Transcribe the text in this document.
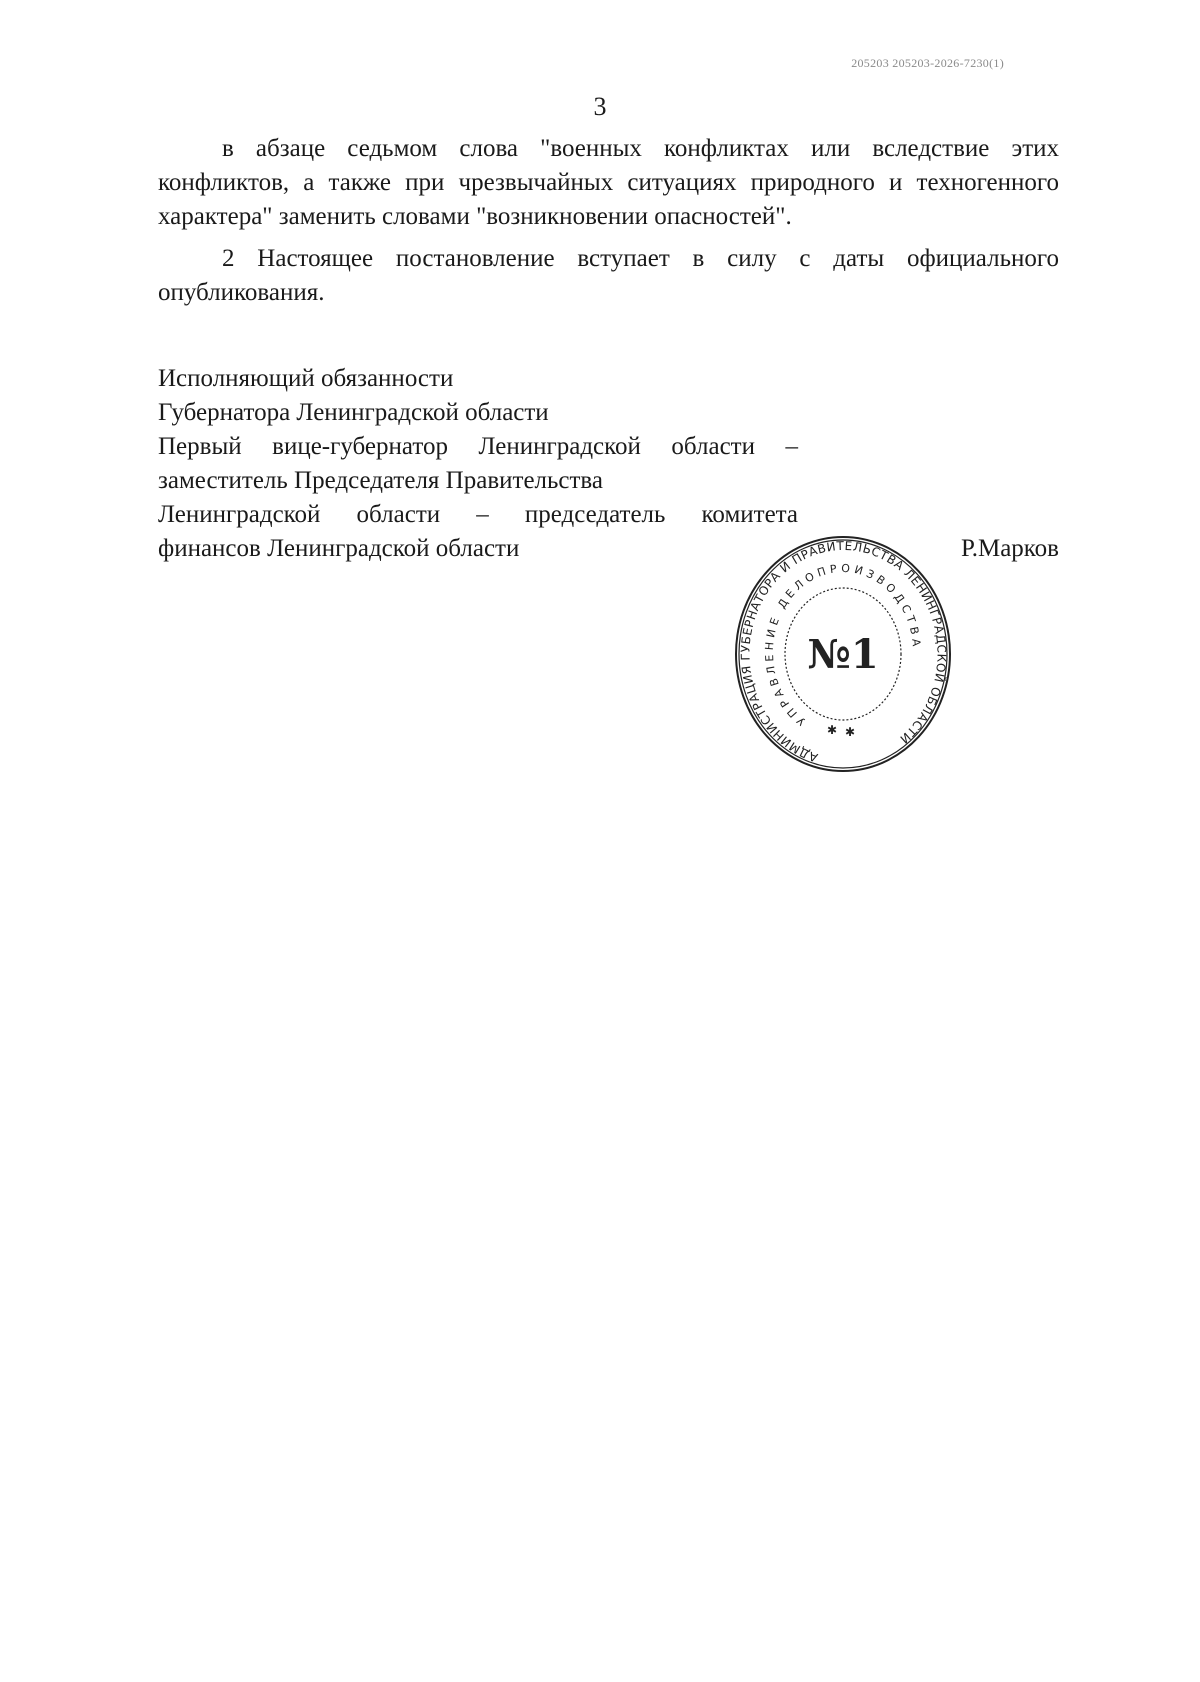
205203 205203-2026-7230(1)
3

в абзаце седьмом слова "военных конфликтах или вследствие этих конфликтов, а также при чрезвычайных ситуациях природного и техногенного характера" заменить словами "возникновении опасностей".

2 Настоящее постановление вступает в силу с даты официального опубликования.

Исполняющий обязанности
Губернатора Ленинградской области
Первый вице-губернатор Ленинградской области –
заместитель Председателя Правительства
Ленинградской области – председатель комитета
финансов Ленинградской области	Р.Марков
АДМИНИСТРАЦИЯ ГУБЕРНАТОРА И ПРАВИТЕЛЬСТВА ЛЕНИНГРАДСКОЙ ОБЛАСТИ
УПРАВЛЕНИЕ ДЕЛОПРОИЗВОДСТВА
№1
✱ ✱
